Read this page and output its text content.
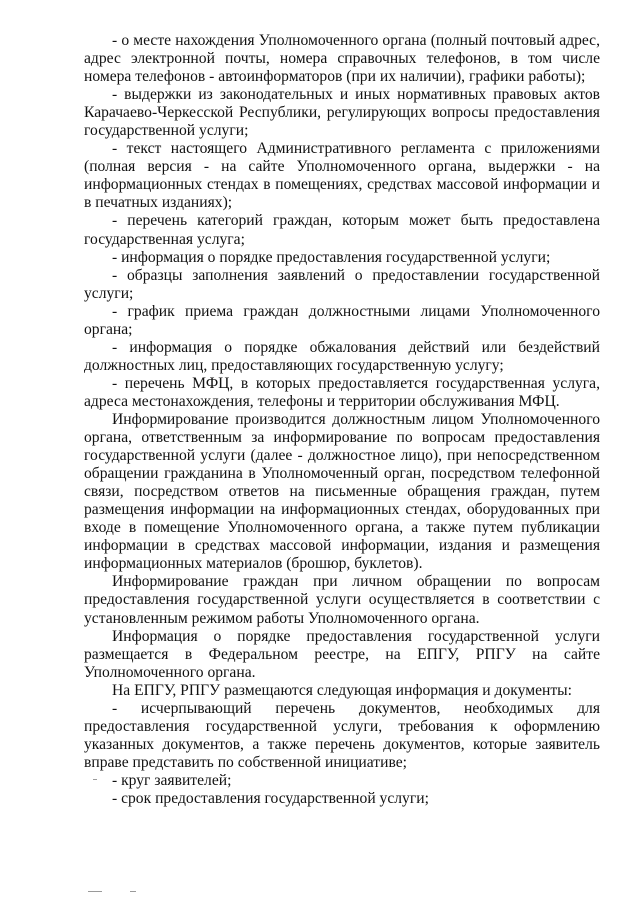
- о месте нахождения Уполномоченного органа (полный почтовый адрес, адрес электронной почты, номера справочных телефонов, в том числе номера телефонов - автоинформаторов (при их наличии), графики работы);

- выдержки из законодательных и иных нормативных правовых актов Карачаево-Черкесской Республики, регулирующих вопросы предоставления государственной услуги;

- текст настоящего Административного регламента с приложениями (полная версия - на сайте Уполномоченного органа, выдержки - на информационных стендах в помещениях, средствах массовой информации и в печатных изданиях);

- перечень категорий граждан, которым может быть предоставлена государственная услуга;

- информация о порядке предоставления государственной услуги;

- образцы заполнения заявлений о предоставлении государственной услуги;

- график приема граждан должностными лицами Уполномоченного органа;

- информация о порядке обжалования действий или бездействий должностных лиц, предоставляющих государственную услугу;

- перечень МФЦ, в которых предоставляется государственная услуга, адреса местонахождения, телефоны и территории обслуживания МФЦ.

Информирование производится должностным лицом Уполномоченного органа, ответственным за информирование по вопросам предоставления государственной услуги (далее - должностное лицо), при непосредственном обращении гражданина в Уполномоченный орган, посредством телефонной связи, посредством ответов на письменные обращения граждан, путем размещения информации на информационных стендах, оборудованных при входе в помещение Уполномоченного органа, а также путем публикации информации в средствах массовой информации, издания и размещения информационных материалов (брошюр, буклетов).

Информирование граждан при личном обращении по вопросам предоставления государственной услуги осуществляется в соответствии с установленным режимом работы Уполномоченного органа.

Информация о порядке предоставления государственной услуги размещается в Федеральном реестре, на ЕПГУ, РПГУ на сайте Уполномоченного органа.

На ЕПГУ, РПГУ размещаются следующая информация и документы:

- исчерпывающий перечень документов, необходимых для предоставления государственной услуги, требования к оформлению указанных документов, а также перечень документов, которые заявитель вправе представить по собственной инициативе;

- круг заявителей;

- срок предоставления государственной услуги;
